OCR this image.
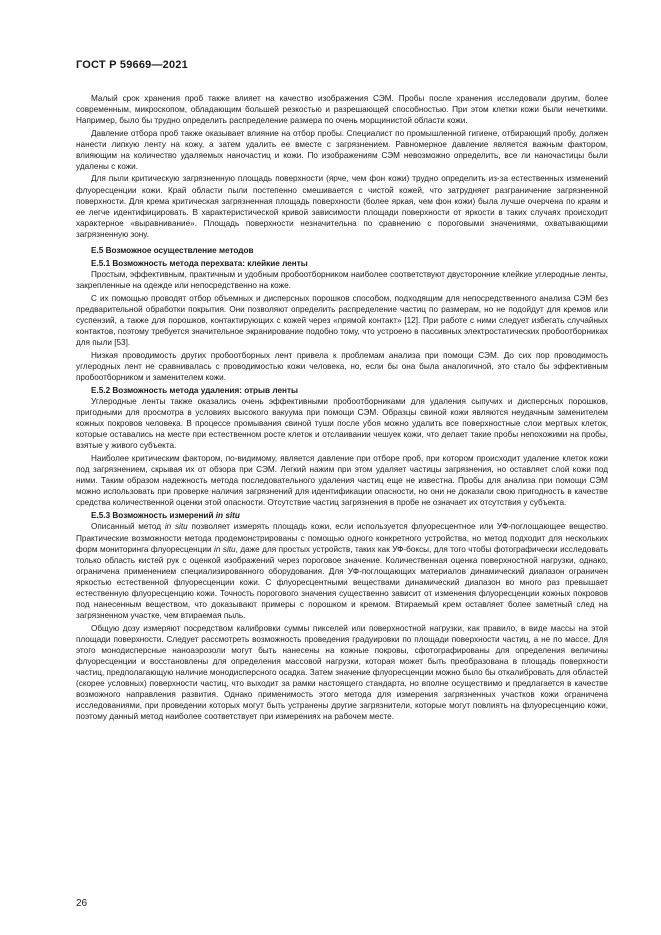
ГОСТ Р 59669—2021

Малый срок хранения проб также влияет на качество изображения СЭМ. Пробы после хранения исследовали другим, более современным, микроскопом, обладающим большей резкостью и разрешающей способностью. При этом клетки кожи были нечеткими. Например, было бы трудно определить распределение размера по очень морщинистой области кожи.

Давление отбора проб также оказывает влияние на отбор пробы. Специалист по промышленной гигиене, отбирающий пробу, должен нанести липкую ленту на кожу, а затем удалить ее вместе с загрязнением. Равномерное давление является важным фактором, влияющим на количество удаляемых наночастиц и кожи. По изображениям СЭМ невозможно определить, все ли наночастицы были удалены с кожи.

Для пыли критическую загрязненную площадь поверхности (ярче, чем фон кожи) трудно определить из-за естественных изменений флуоресценции кожи. Край области пыли постепенно смешивается с чистой кожей, что затрудняет разграничение загрязненной поверхности. Для крема критическая загрязненная площадь поверхности (более яркая, чем фон кожи) была лучше очерчена по краям и ее легче идентифицировать. В характеристической кривой зависимости площади поверхности от яркости в таких случаях происходит характерное «выравнивание». Площадь поверхности незначительна по сравнению с пороговыми значениями, охватывающими загрязненную зону.

Е.5 Возможное осуществление методов
Е.5.1 Возможность метода перехвата: клейкие ленты

Простым, эффективным, практичным и удобным пробоотборником наиболее соответствуют двусторонние клейкие углеродные ленты, закрепленные на одежде или непосредственно на коже.

С их помощью проводят отбор объемных и дисперсных порошков способом, подходящим для непосредственного анализа СЭМ без предварительной обработки покрытия. Они позволяют определить распределение частиц по размерам, но не подойдут для кремов или суспензий, а также для порошков, контактирующих с кожей через «прямой контакт» [12]. При работе с ними следует избегать случайных контактов, поэтому требуется значительное экранирование подобно тому, что устроено в пассивных электростатических пробоотборниках для пыли [53].

Низкая проводимость других пробоотборных лент привела к проблемам анализа при помощи СЭМ. До сих пор проводимость углеродных лент не сравнивалась с проводимостью кожи человека, но, если бы она была аналогичной, это стало бы эффективным пробоотборником и заменителем кожи.

Е.5.2 Возможность метода удаления: отрыв ленты

Углеродные ленты также оказались очень эффективными пробоотборниками для удаления сыпучих и дисперсных порошков, пригодными для просмотра в условиях высокого вакуума при помощи СЭМ. Образцы свиной кожи являются неудачным заменителем кожных покровов человека. В процессе промывания свиной туши после убоя можно удалить все поверхностные слои мертвых клеток, которые оставались на месте при естественном росте клеток и отслаивании чешуек кожи, что делает такие пробы непохожими на пробы, взятые у живого субъекта.

Наиболее критическим фактором, по-видимому, является давление при отборе проб, при котором происходит удаление клеток кожи под загрязнением, скрывая их от обзора при СЭМ. Легкий нажим при этом удаляет частицы загрязнения, но оставляет слой кожи под ними. Таким образом надежность метода последовательного удаления частиц еще не известна. Пробы для анализа при помощи СЭМ можно использовать при проверке наличия загрязнений для идентификации опасности, но они не доказали свою пригодность в качестве средства количественной оценки этой опасности. Отсутствие частиц загрязнения в пробе не означает их отсутствия у субъекта.

Е.5.3 Возможность измерений in situ

Описанный метод in situ позволяет измерять площадь кожи, если используется флуоресцентное или УФ-поглощающее вещество. Практические возможности метода продемонстрированы с помощью одного конкретного устройства, но метод подходит для нескольких форм мониторинга флуоресценции in situ, даже для простых устройств, таких как УФ-боксы, для того чтобы фотографически исследовать только область кистей рук с оценкой изображений через пороговое значение. Количественная оценка поверхностной нагрузки, однако, ограничена применением специализированного оборудования. Для УФ-поглощающих материалов динамический диапазон ограничен яркостью естественной флуоресценции кожи. С флуоресцентными веществами динамический диапазон во много раз превышает естественную флуоресценцию кожи. Точность порогового значения существенно зависит от изменения флуоресценции кожных покровов под нанесенным веществом, что доказывают примеры с порошком и кремом. Втираемый крем оставляет более заметный след на загрязненном участке, чем втираемая пыль.

Общую дозу измеряют посредством калибровки суммы пикселей или поверхностной нагрузки, как правило, в виде массы на этой площади поверхности. Следует рассмотреть возможность проведения градуировки по площади поверхности частиц, а не по массе. Для этого монодисперсные наноаэрозоли могут быть нанесены на кожные покровы, сфотографированы для определения величины флуоресценции и восстановлены для определения массовой нагрузки, которая может быть преобразована в площадь поверхности частиц, предполагающую наличие монодисперсного осадка. Затем значение флуоресценции можно было бы откалибровать для областей (скорее условных) поверхности частиц, что выходит за рамки настоящего стандарта, но вполне осуществимо и предлагается в качестве возможного направления развития. Однако применимость этого метода для измерения загрязненных участков кожи ограничена исследованиями, при проведении которых могут быть устранены другие загрязнители, которые могут повлиять на флуоресценцию кожи, поэтому данный метод наиболее соответствует при измерениях на рабочем месте.

26
